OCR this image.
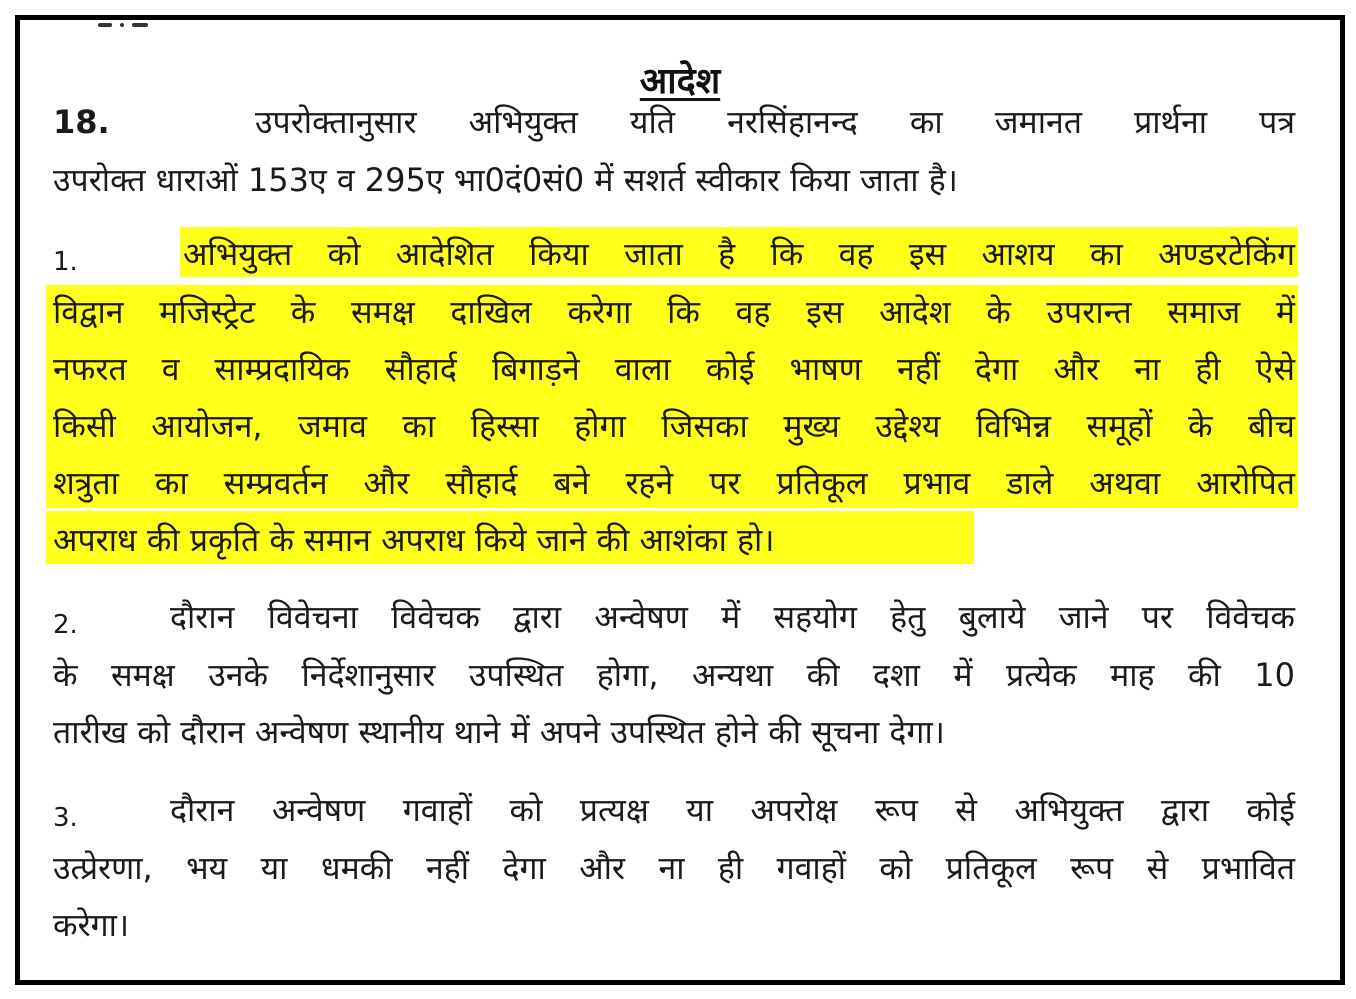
आदेश
18.	उपरोक्तानुसार अभियुक्त यति नरसिंहानन्द का जमानत प्रार्थना पत्र
उपरोक्त धाराओं 153ए व 295ए भा0दं0सं0 में सशर्त स्वीकार किया जाता है।
1.	अभियुक्त को आदेशित किया जाता है कि वह इस आशय का अण्डरटेकिंग
विद्वान मजिस्ट्रेट के समक्ष दाखिल करेगा कि वह इस आदेश के उपरान्त समाज में
नफरत व साम्प्रदायिक सौहार्द बिगाड़ने वाला कोई भाषण नहीं देगा और ना ही ऐसे
किसी आयोजन, जमाव का हिस्सा होगा जिसका मुख्य उद्देश्य विभिन्न समूहों के बीच
शत्रुता का सम्प्रवर्तन और सौहार्द बने रहने पर प्रतिकूल प्रभाव डाले अथवा आरोपित
अपराध की प्रकृति के समान अपराध किये जाने की आशंका हो।
2.	दौरान विवेचना विवेचक द्वारा अन्वेषण में सहयोग हेतु बुलाये जाने पर विवेचक
के समक्ष उनके निर्देशानुसार उपस्थित होगा, अन्यथा की दशा में प्रत्येक माह की 10
तारीख को दौरान अन्वेषण स्थानीय थाने में अपने उपस्थित होने की सूचना देगा।
3.	दौरान अन्वेषण गवाहों को प्रत्यक्ष या अपरोक्ष रूप से अभियुक्त द्वारा कोई
उत्प्रेरणा, भय या धमकी नहीं देगा और ना ही गवाहों को प्रतिकूल रूप से प्रभावित
करेगा।
